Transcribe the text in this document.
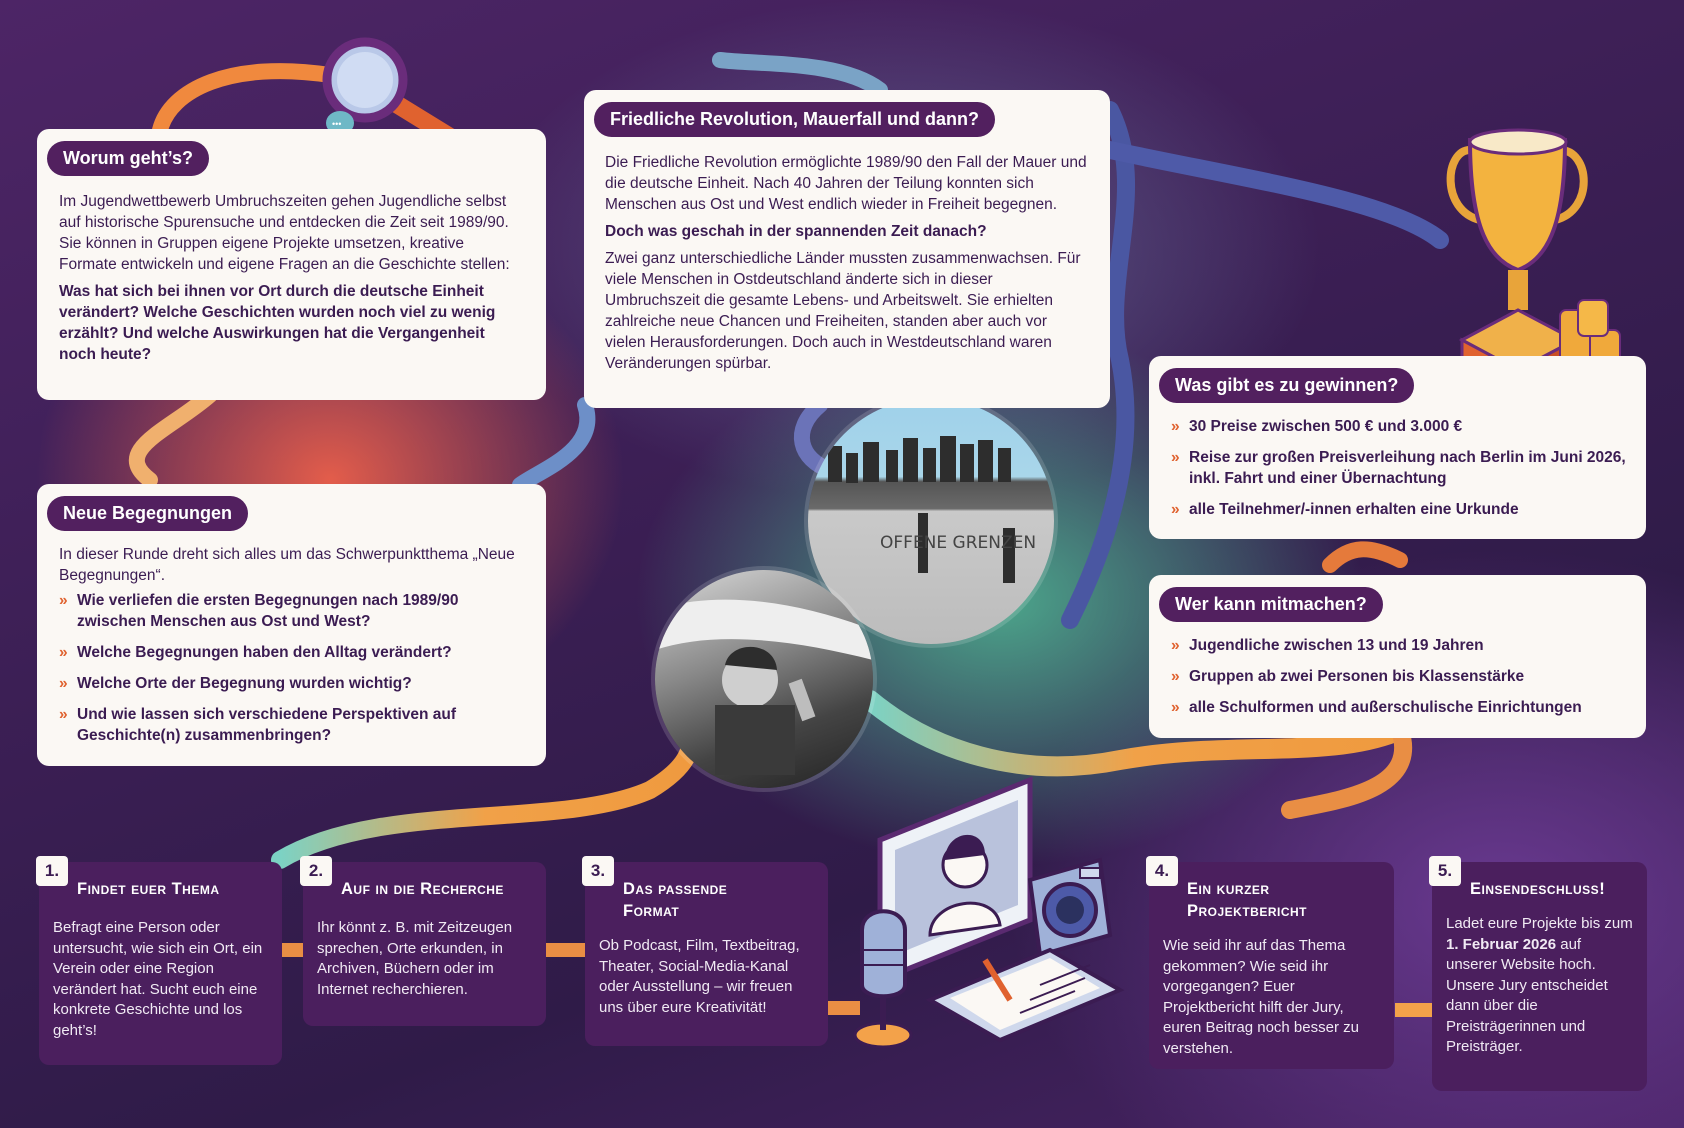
•••
OFFENE GRENZEN
Worum geht’s?

Im Jugendwettbewerb Umbruchszeiten gehen Jugendliche selbst auf historische Spurensuche und entdecken die Zeit seit 1989/90. Sie können in Gruppen eigene Projekte umsetzen, kreative Formate entwickeln und eigene Fragen an die Geschichte stellen:

Was hat sich bei ihnen vor Ort durch die deutsche Einheit verändert? Welche Geschichten wurden noch viel zu wenig erzählt? Und welche Auswirkungen hat die Vergangenheit noch heute?

Neue Begegnungen

In dieser Runde dreht sich alles um das Schwerpunktthema „Neue Begegnungen“.

» Wie verliefen die ersten Begegnungen nach 1989/90 zwischen Menschen aus Ost und West?
» Welche Begegnungen haben den Alltag verändert?
» Welche Orte der Begegnung wurden wichtig?
» Und wie lassen sich verschiedene Perspektiven auf Geschichte(n) zusammenbringen?
Friedliche Revolution, Mauerfall und dann?

Die Friedliche Revolution ermöglichte 1989/90 den Fall der Mauer und die deutsche Einheit. Nach 40 Jahren der Teilung konnten sich Menschen aus Ost und West endlich wieder in Freiheit begegnen.

Doch was geschah in der spannenden Zeit danach?

Zwei ganz unterschiedliche Länder mussten zusammenwachsen. Für viele Menschen in Ostdeutschland änderte sich in dieser Umbruchszeit die gesamte Lebens- und Arbeitswelt. Sie erhielten zahlreiche neue Chancen und Freiheiten, standen aber auch vor vielen Herausforderungen. Doch auch in Westdeutschland waren Veränderungen spürbar.

Was gibt es zu gewinnen?
» 30 Preise zwischen 500 € und 3.000 €
» Reise zur großen Preisverleihung nach Berlin im Juni 2026, inkl. Fahrt und einer Übernachtung
» alle Teilnehmer/-innen erhalten eine Urkunde
Wer kann mitmachen?
» Jugendliche zwischen 13 und 19 Jahren
» Gruppen ab zwei Personen bis Klassenstärke
» alle Schulformen und außerschulische Einrichtungen
1.
Findet euer Thema

Befragt eine Person oder untersucht, wie sich ein Ort, ein Verein oder eine Region verändert hat. Sucht euch eine konkrete Geschichte und los geht’s!

2.
Auf in die Recherche

Ihr könnt z. B. mit Zeitzeugen sprechen, Orte erkunden, in Archiven, Büchern oder im Internet recherchieren.

3.
Das passende Format

Ob Podcast, Film, Textbeitrag, Theater, Social-Media-Kanal oder Ausstellung – wir freuen uns über eure Kreativität!

4.
Ein kurzer Projektbericht

Wie seid ihr auf das Thema gekommen? Wie seid ihr vorgegangen? Euer Projektbericht hilft der Jury, euren Beitrag noch besser zu verstehen.

5.
Einsendeschluss!

Ladet eure Projekte bis zum 1. Februar 2026 auf unserer Website hoch. Unsere Jury entscheidet dann über die Preisträgerinnen und Preisträger.
